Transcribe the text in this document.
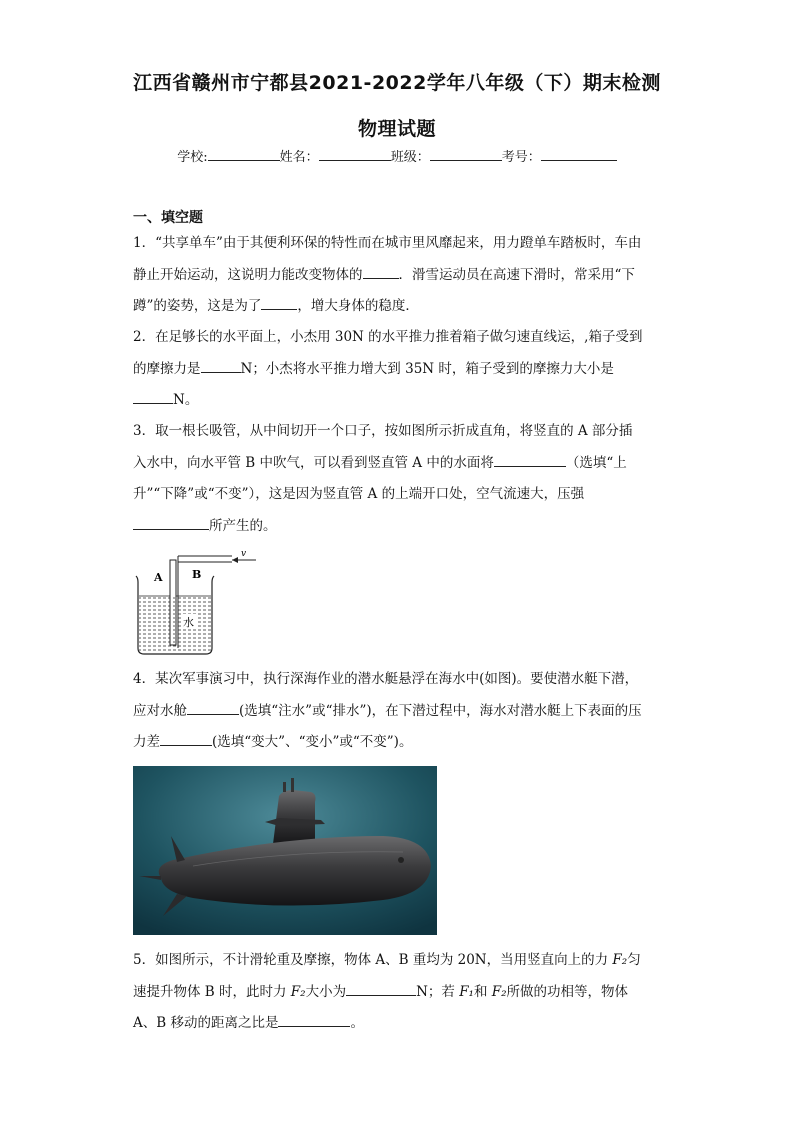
江西省赣州市宁都县2021-2022学年八年级（下）期末检测
物理试题
学校:	姓名：	班级：	考号：
一、填空题

1．“共享单车”由于其便利环保的特性而在城市里风靡起来，用力蹬单车踏板时，车由

静止开始运动，这说明力能改变物体的	．滑雪运动员在高速下滑时，常采用“下

蹲”的姿势，这是为了	，增大身体的稳度．

2．在足够长的水平面上，小杰用 30N 的水平推力推着箱子做匀速直线运，,箱子受到

的摩擦力是	N；小杰将水平推力增大到 35N 时，箱子受到的摩擦力大小是

N。

3．取一根长吸管，从中间切开一个口子，按如图所示折成直角，将竖直的 A 部分插

入水中，向水平管 B 中吹气，可以看到竖直管 A 中的水面将	（选填“上

升”“下降”或“不变”），这是因为竖直管 A 的上端开口处，空气流速大，压强

所产生的。

v
A	B
水

4．某次军事演习中，执行深海作业的潜水艇悬浮在海水中(如图)。要使潜水艇下潜，

应对水舱	(选填“注水”或“排水”)，在下潜过程中，海水对潜水艇上下表面的压

力差	(选填“变大”、“变小”或“不变”)。

5．如图所示，不计滑轮重及摩擦，物体 A、B 重均为 20N，当用竖直向上的力 F₂匀

速提升物体 B 时，此时力 F₂大小为	N；若 F₁和 F₂所做的功相等，物体

A、B 移动的距离之比是	。
